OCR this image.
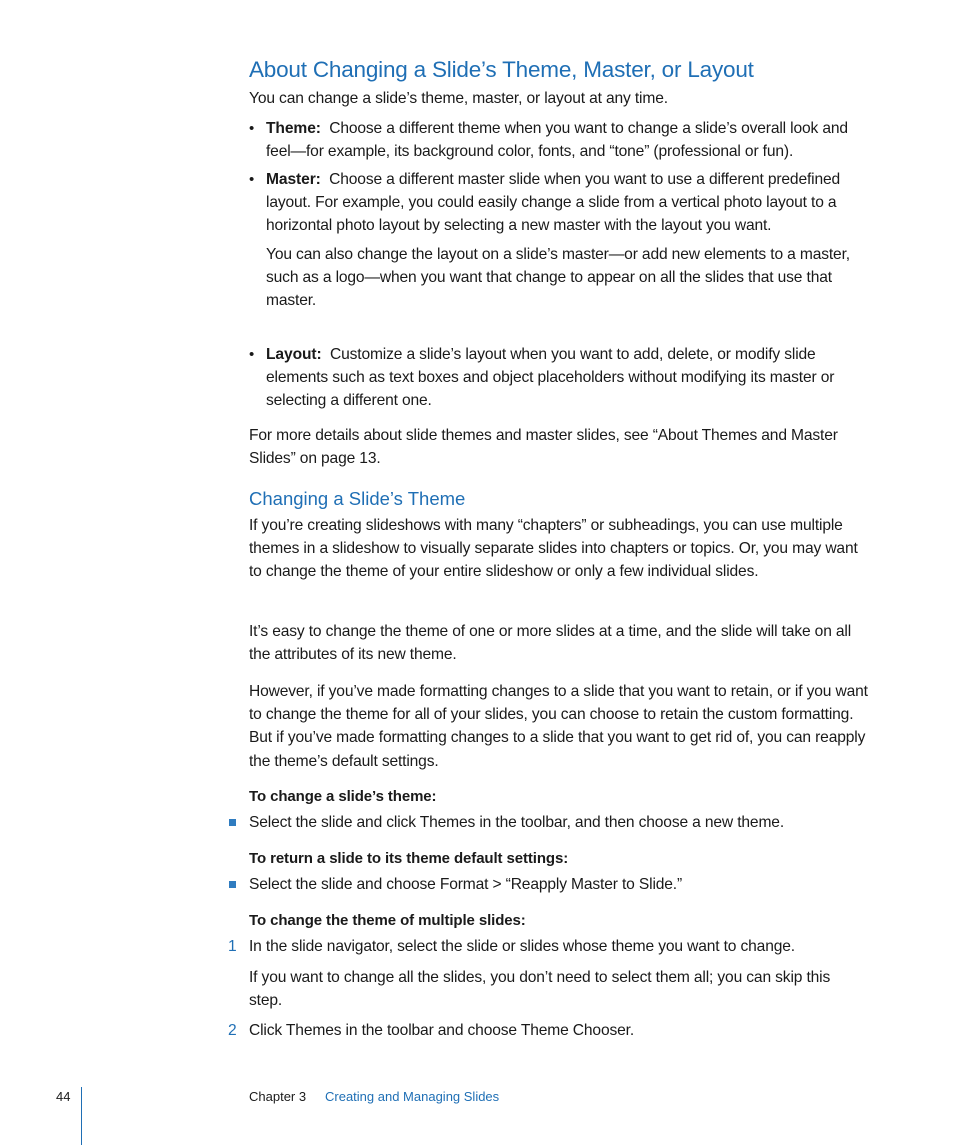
About Changing a Slide’s Theme, Master, or Layout

You can change a slide’s theme, master, or layout at any time.

• Theme: Choose a different theme when you want to change a slide’s overall look and feel—for example, its background color, fonts, and “tone” (professional or fun).

• Master: Choose a different master slide when you want to use a different predefined layout. For example, you could easily change a slide from a vertical photo layout to a horizontal photo layout by selecting a new master with the layout you want.

You can also change the layout on a slide’s master—or add new elements to a master, such as a logo—when you want that change to appear on all the slides that use that master.

• Layout: Customize a slide’s layout when you want to add, delete, or modify slide elements such as text boxes and object placeholders without modifying its master or selecting a different one.

For more details about slide themes and master slides, see “About Themes and Master Slides” on page 13.

Changing a Slide’s Theme

If you’re creating slideshows with many “chapters” or subheadings, you can use multiple themes in a slideshow to visually separate slides into chapters or topics. Or, you may want to change the theme of your entire slideshow or only a few individual slides.

It’s easy to change the theme of one or more slides at a time, and the slide will take on all the attributes of its new theme.

However, if you’ve made formatting changes to a slide that you want to retain, or if you want to change the theme for all of your slides, you can choose to retain the custom formatting. But if you’ve made formatting changes to a slide that you want to get rid of, you can reapply the theme’s default settings.

To change a slide’s theme:

Select the slide and click Themes in the toolbar, and then choose a new theme.

To return a slide to its theme default settings:

Select the slide and choose Format > “Reapply Master to Slide.”

To change the theme of multiple slides:
1 In the slide navigator, select the slide or slides whose theme you want to change.

If you want to change all the slides, you don’t need to select them all; you can skip this step.

2 Click Themes in the toolbar and choose Theme Chooser.

44	Chapter 3 Creating and Managing Slides
